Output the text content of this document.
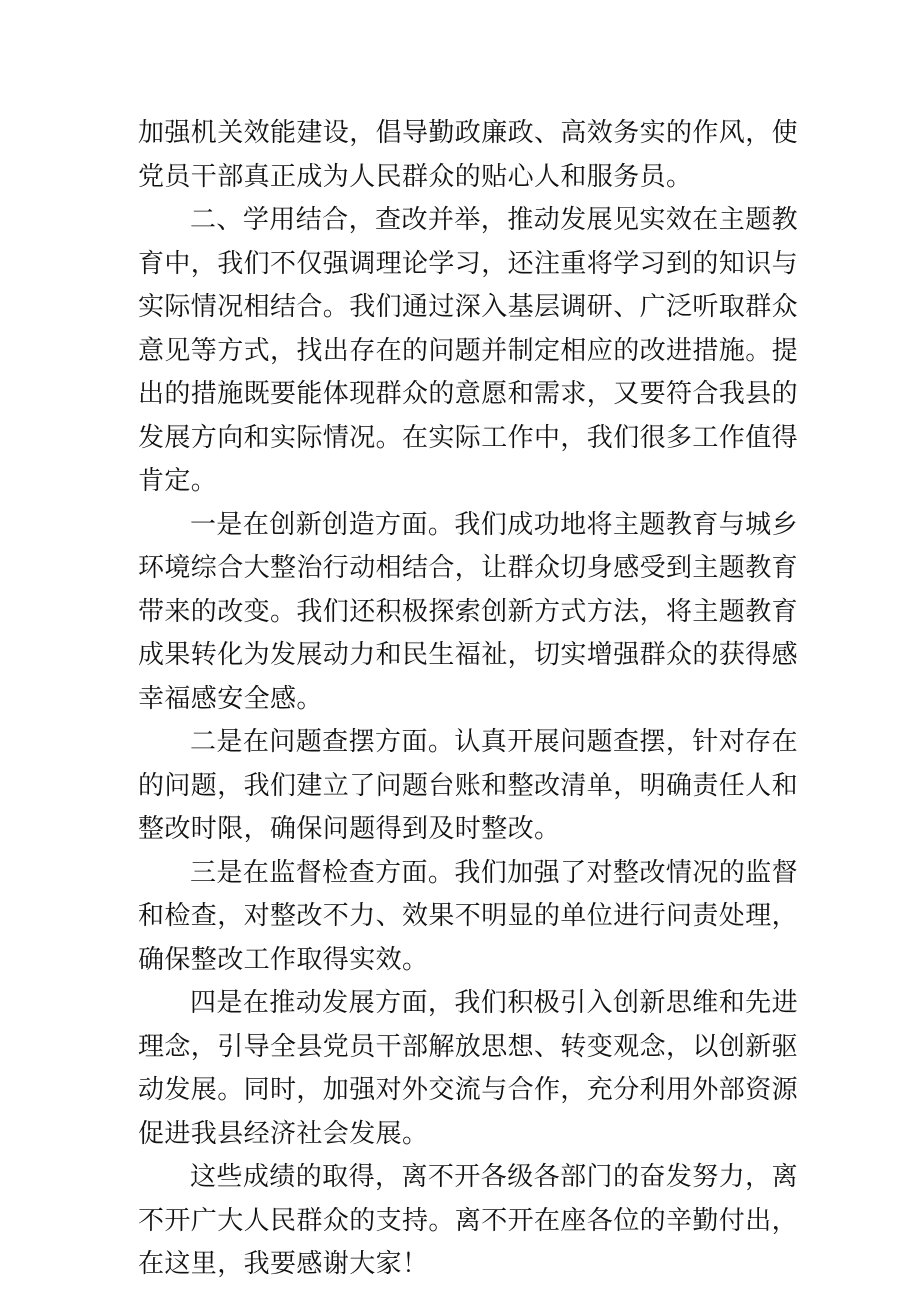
加强机关效能建设，倡导勤政廉政、高效务实的作风，使党员干部真正成为人民群众的贴心人和服务员。

二、学用结合，查改并举，推动发展见实效在主题教育中，我们不仅强调理论学习，还注重将学习到的知识与实际情况相结合。我们通过深入基层调研、广泛听取群众意见等方式，找出存在的问题并制定相应的改进措施。提出的措施既要能体现群众的意愿和需求，又要符合我县的发展方向和实际情况。在实际工作中，我们很多工作值得肯定。

一是在创新创造方面。我们成功地将主题教育与城乡环境综合大整治行动相结合，让群众切身感受到主题教育带来的改变。我们还积极探索创新方式方法，将主题教育成果转化为发展动力和民生福祉，切实增强群众的获得感幸福感安全感。

二是在问题查摆方面。认真开展问题查摆，针对存在的问题，我们建立了问题台账和整改清单，明确责任人和整改时限，确保问题得到及时整改。

三是在监督检查方面。我们加强了对整改情况的监督和检查，对整改不力、效果不明显的单位进行问责处理，确保整改工作取得实效。

四是在推动发展方面，我们积极引入创新思维和先进理念，引导全县党员干部解放思想、转变观念，以创新驱动发展。同时，加强对外交流与合作，充分利用外部资源促进我县经济社会发展。

这些成绩的取得，离不开各级各部门的奋发努力，离不开广大人民群众的支持。离不开在座各位的辛勤付出，在这里，我要感谢大家！
